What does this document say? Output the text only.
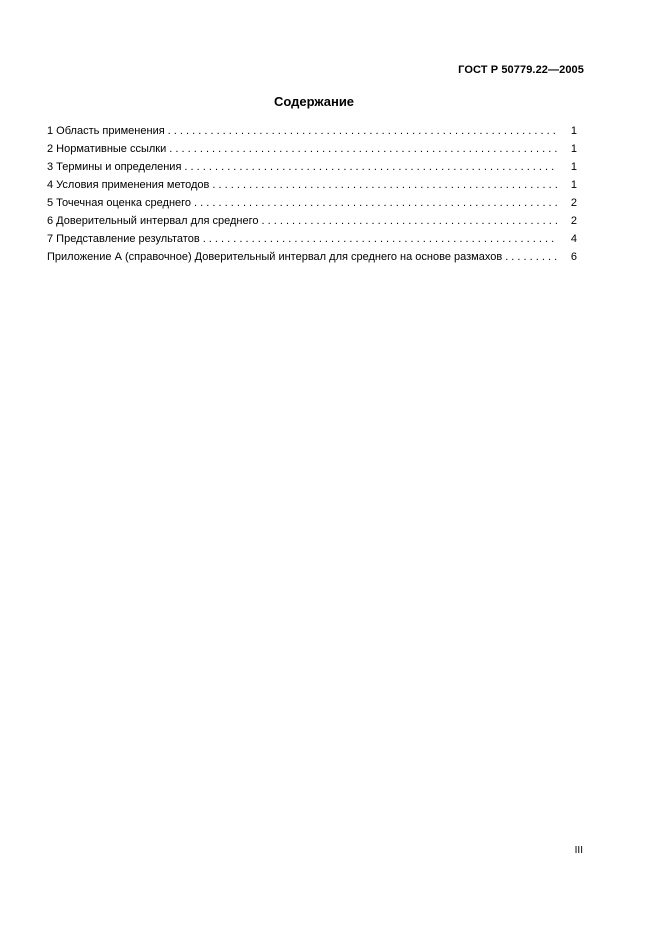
ГОСТ Р 50779.22—2005
Содержание
1 Область применения . . .	1
2 Нормативные ссылки . . .	1
3 Термины и определения . . .	1
4 Условия применения методов . . .	1
5 Точечная оценка среднего . . .	2
6 Доверительный интервал для среднего . . .	2
7 Представление результатов . . .	4
Приложение А (справочное) Доверительный интервал для среднего на основе размахов . . .	6
III
